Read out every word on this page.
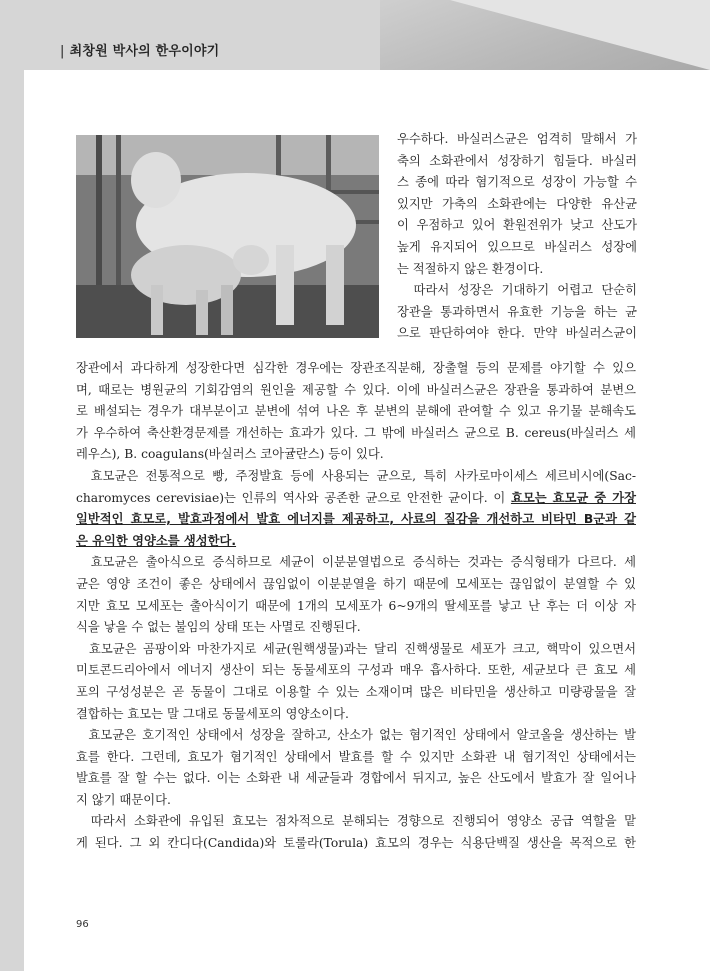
| 최창원 박사의 한우이야기
우수하다. 바실러스균은 엄격히 말해서 가
축의 소화관에서 성장하기 힘들다. 바실러
스 종에 따라 혐기적으로 성장이 가능할 수
있지만 가축의 소화관에는 다양한 유산균
이 우점하고 있어 환원전위가 낮고 산도가
높게 유지되어 있으므로 바실러스 성장에
는 적절하지 않은 환경이다.
따라서 성장은 기대하기 어렵고 단순히
장관을 통과하면서 유효한 기능을 하는 균
으로 판단하여야 한다. 만약 바실러스균이
장관에서 과다하게 성장한다면 심각한 경우에는 장관조직분해, 장출혈 등의 문제를 야기할 수 있으
며, 때로는 병원균의 기회감염의 원인을 제공할 수 있다. 이에 바실러스균은 장관을 통과하여 분변으
로 배설되는 경우가 대부분이고 분변에 섞여 나온 후 분변의 분해에 관여할 수 있고 유기물 분해속도
가 우수하여 축산환경문제를 개선하는 효과가 있다. 그 밖에 바실러스 균으로 B. cereus(바실러스 세
레우스), B. coagulans(바실러스 코아귤란스) 등이 있다.
효모균은 전통적으로 빵, 주정발효 등에 사용되는 균으로, 특히 사카로마이세스 세르비시에(Sac-
charomyces cerevisiae)는 인류의 역사와 공존한 균으로 안전한 균이다. 이 효모는 효모균 중 가장
일반적인 효모로, 발효과정에서 발효 에너지를 제공하고, 사료의 질감을 개선하고 비타민 B군과 같
은 유익한 영양소를 생성한다.
효모균은 출아식으로 증식하므로 세균이 이분분열법으로 증식하는 것과는 증식형태가 다르다. 세
균은 영양 조건이 좋은 상태에서 끊임없이 이분분열을 하기 때문에 모세포는 끊임없이 분열할 수 있
지만 효모 모세포는 출아식이기 때문에 1개의 모세포가 6~9개의 딸세포를 낳고 난 후는 더 이상 자
식을 낳을 수 없는 불임의 상태 또는 사멸로 진행된다.
효모균은 곰팡이와 마찬가지로 세균(원핵생물)과는 달리 진핵생물로 세포가 크고, 핵막이 있으면서
미토콘드리아에서 에너지 생산이 되는 동물세포의 구성과 매우 흡사하다. 또한, 세균보다 큰 효모 세
포의 구성성분은 곧 동물이 그대로 이용할 수 있는 소재이며 많은 비타민을 생산하고 미량광물을 잘
결합하는 효모는 말 그대로 동물세포의 영양소이다.
효모균은 호기적인 상태에서 성장을 잘하고, 산소가 없는 혐기적인 상태에서 알코올을 생산하는 발
효를 한다. 그런데, 효모가 혐기적인 상태에서 발효를 할 수 있지만 소화관 내 혐기적인 상태에서는
발효를 잘 할 수는 없다. 이는 소화관 내 세균들과 경합에서 뒤지고, 높은 산도에서 발효가 잘 일어나
지 않기 때문이다.
따라서 소화관에 유입된 효모는 점차적으로 분해되는 경향으로 진행되어 영양소 공급 역할을 맡
게 된다. 그 외 칸디다(Candida)와 토룰라(Torula) 효모의 경우는 식용단백질 생산을 목적으로 한
96
